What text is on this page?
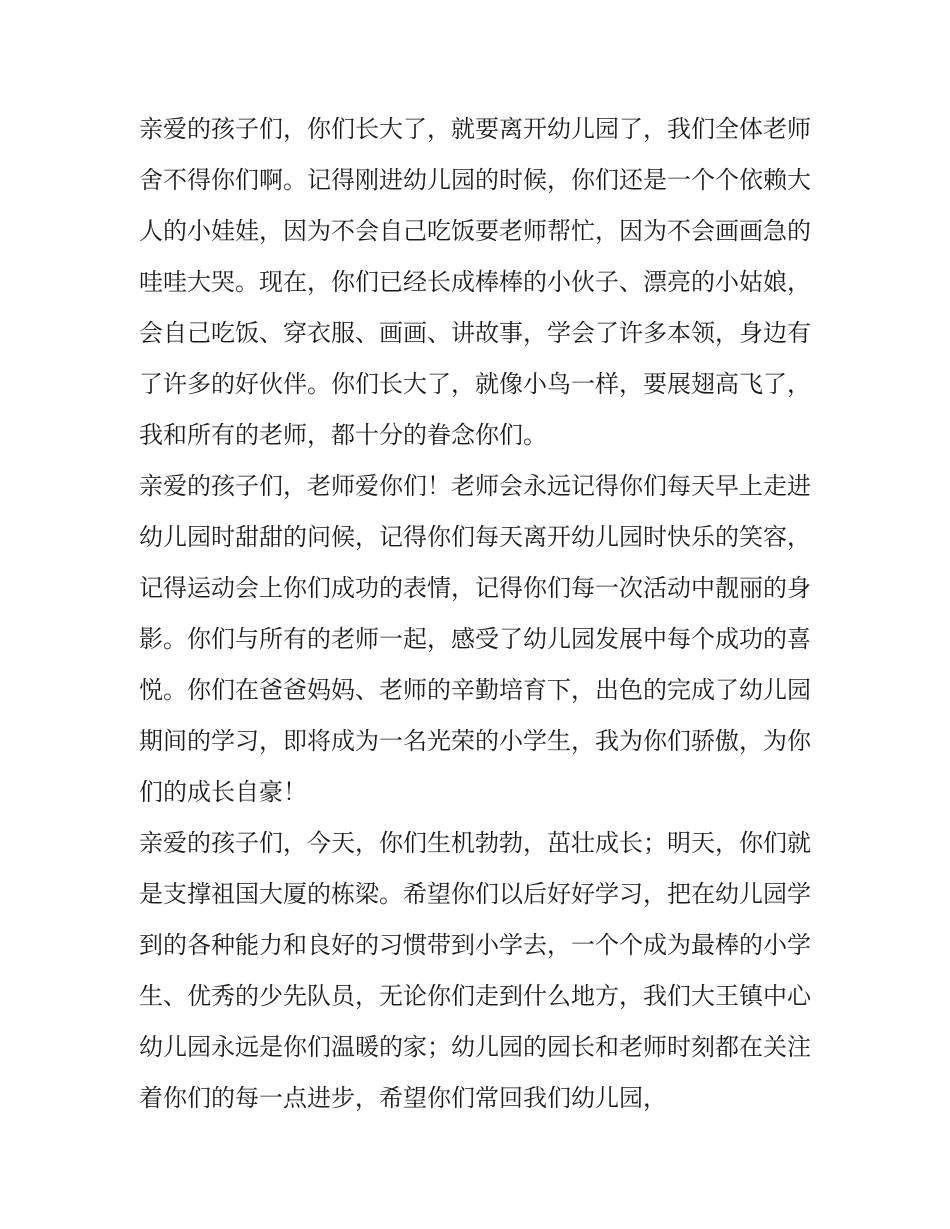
亲爱的孩子们，你们长大了，就要离开幼儿园了，我们全体老师舍不得你们啊。记得刚进幼儿园的时候，你们还是一个个依赖大人的小娃娃，因为不会自己吃饭要老师帮忙，因为不会画画急的哇哇大哭。现在，你们已经长成棒棒的小伙子、漂亮的小姑娘，会自己吃饭、穿衣服、画画、讲故事，学会了许多本领，身边有了许多的好伙伴。你们长大了，就像小鸟一样，要展翅高飞了，我和所有的老师，都十分的眷念你们。

亲爱的孩子们，老师爱你们！老师会永远记得你们每天早上走进幼儿园时甜甜的问候，记得你们每天离开幼儿园时快乐的笑容，记得运动会上你们成功的表情，记得你们每一次活动中靓丽的身影。你们与所有的老师一起，感受了幼儿园发展中每个成功的喜悦。你们在爸爸妈妈、老师的辛勤培育下，出色的完成了幼儿园期间的学习，即将成为一名光荣的小学生，我为你们骄傲，为你们的成长自豪！

亲爱的孩子们，今天，你们生机勃勃，茁壮成长；明天，你们就是支撑祖国大厦的栋梁。希望你们以后好好学习，把在幼儿园学到的各种能力和良好的习惯带到小学去，一个个成为最棒的小学生、优秀的少先队员，无论你们走到什么地方，我们大王镇中心幼儿园永远是你们温暖的家；幼儿园的园长和老师时刻都在关注着你们的每一点进步，希望你们常回我们幼儿园，
